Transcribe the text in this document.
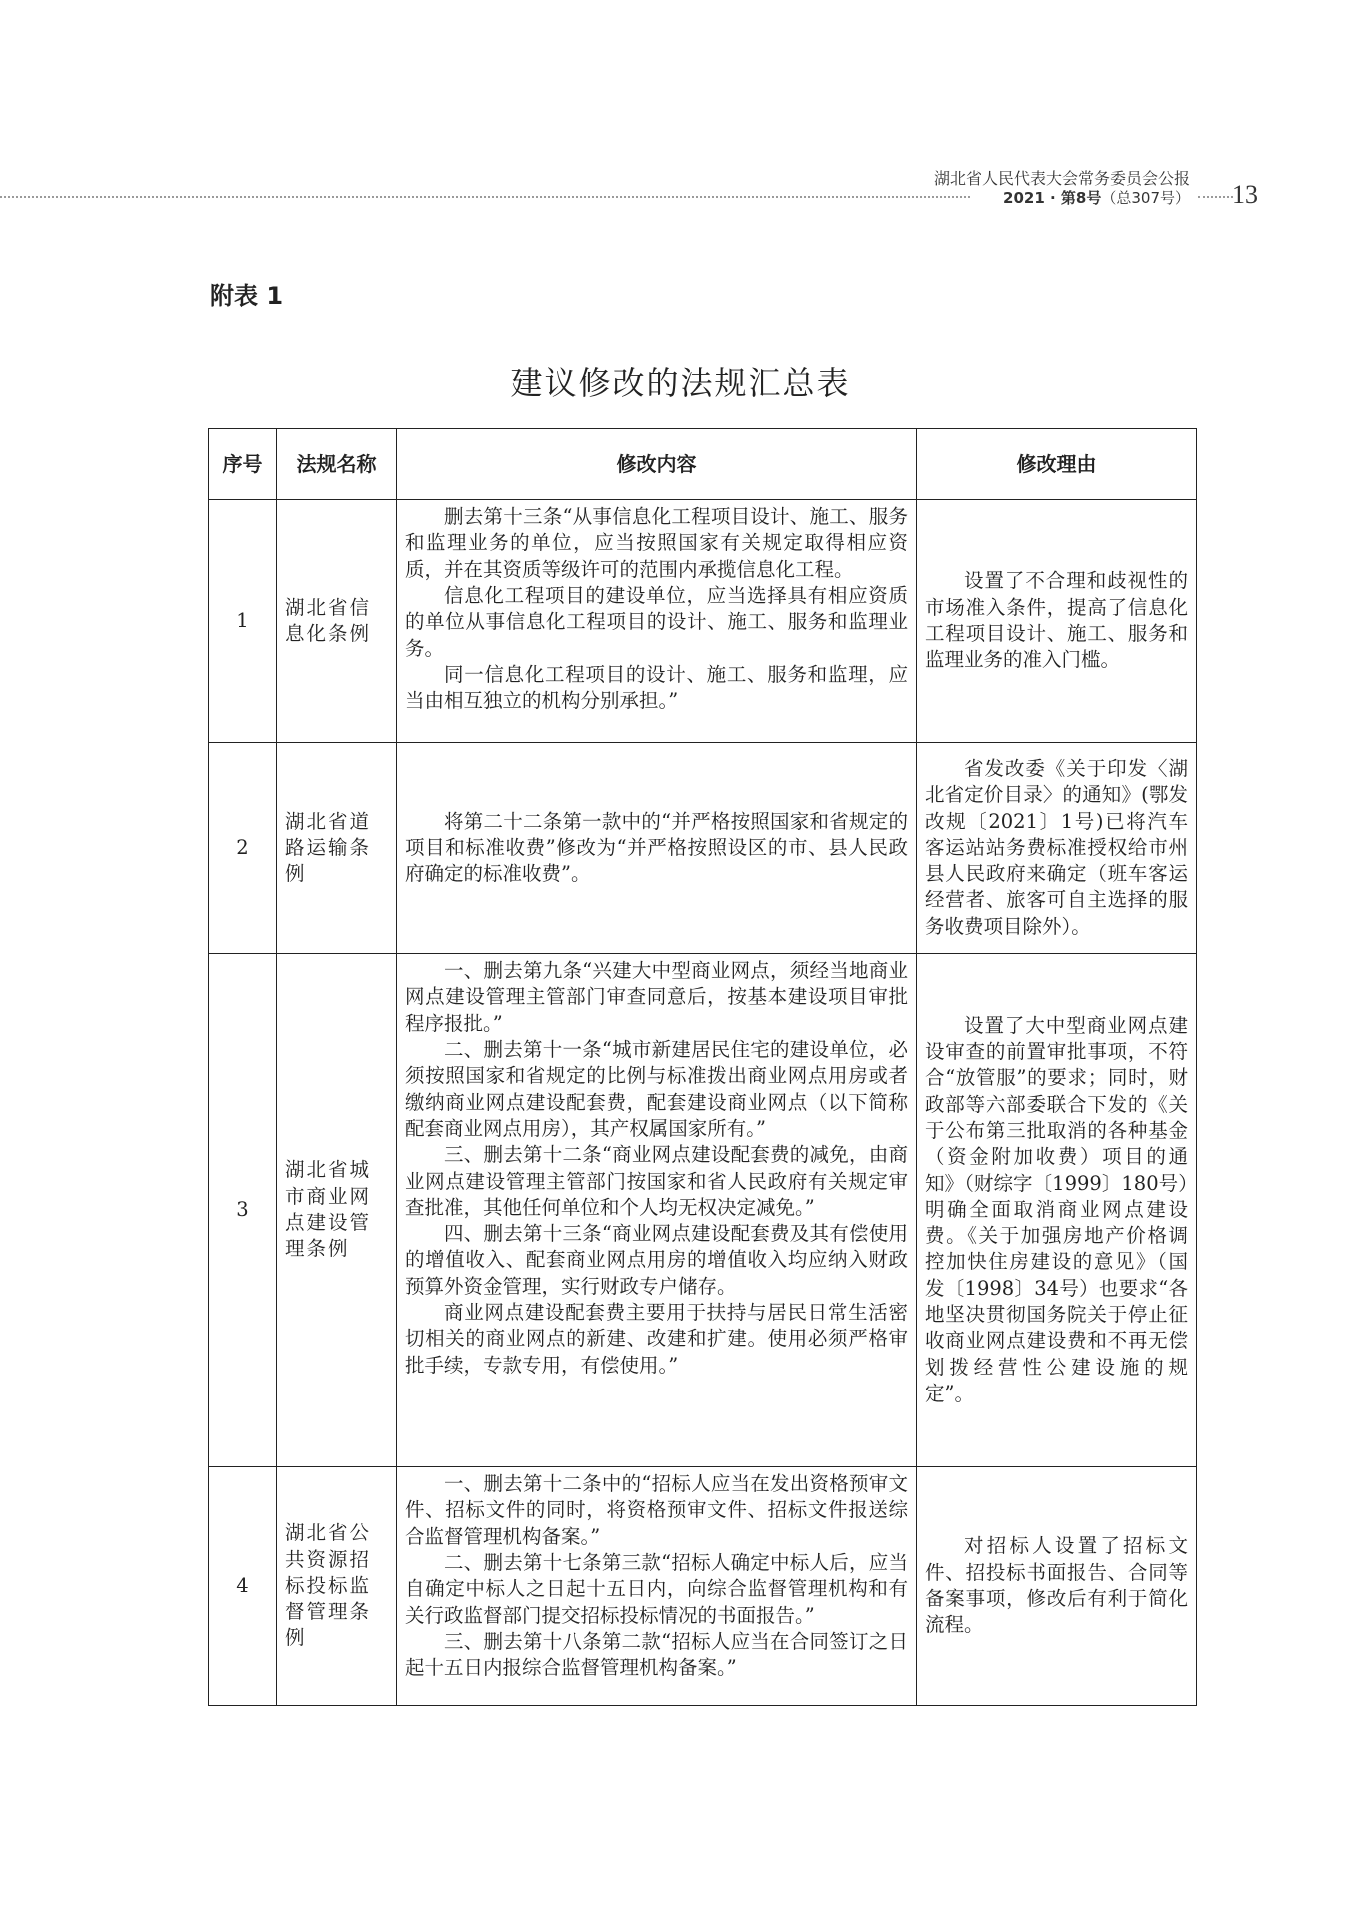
湖北省人民代表大会常务委员会公报
2021 · 第8号（总307号） 13
附表 1
建议修改的法规汇总表
序号	法规名称	修改内容	修改理由
1	湖北省信息化条例	删去第十三条“从事信息化工程项目设计、施工、服务和监理业务的单位，应当按照国家有关规定取得相应资质，并在其资质等级许可的范围内承揽信息化工程。

信息化工程项目的建设单位，应当选择具有相应资质的单位从事信息化工程项目的设计、施工、服务和监理业务。

同一信息化工程项目的设计、施工、服务和监理，应当由相互独立的机构分别承担。”	设置了不合理和歧视性的市场准入条件，提高了信息化工程项目设计、施工、服务和监理业务的准入门槛。

2	湖北省道路运输条例	将第二十二条第一款中的“并严格按照国家和省规定的项目和标准收费”修改为“并严格按照设区的市、县人民政府确定的标准收费”。	省发改委《关于印发〈湖北省定价目录〉的通知》(鄂发改规〔2021〕1号)已将汽车客运站站务费标准授权给市州县人民政府来确定（班车客运经营者、旅客可自主选择的服务收费项目除外）。

3	湖北省城市商业网点建设管理条例	一、删去第九条“兴建大中型商业网点，须经当地商业网点建设管理主管部门审查同意后，按基本建设项目审批程序报批。”

二、删去第十一条“城市新建居民住宅的建设单位，必须按照国家和省规定的比例与标准拨出商业网点用房或者缴纳商业网点建设配套费，配套建设商业网点（以下简称配套商业网点用房），其产权属国家所有。”

三、删去第十二条“商业网点建设配套费的减免，由商业网点建设管理主管部门按国家和省人民政府有关规定审查批准，其他任何单位和个人均无权决定减免。”

四、删去第十三条“商业网点建设配套费及其有偿使用的增值收入、配套商业网点用房的增值收入均应纳入财政预算外资金管理，实行财政专户储存。

商业网点建设配套费主要用于扶持与居民日常生活密切相关的商业网点的新建、改建和扩建。使用必须严格审批手续，专款专用，有偿使用。”	设置了大中型商业网点建设审查的前置审批事项，不符合“放管服”的要求；同时，财政部等六部委联合下发的《关于公布第三批取消的各种基金（资金附加收费）项目的通知》（财综字〔1999〕180号）明确全面取消商业网点建设费。《关于加强房地产价格调控加快住房建设的意见》（国发〔1998〕34号）也要求“各地坚决贯彻国务院关于停止征收商业网点建设费和不再无偿划拨经营性公建设施的规定”。

4	湖北省公共资源招标投标监督管理条例	一、删去第十二条中的“招标人应当在发出资格预审文件、招标文件的同时，将资格预审文件、招标文件报送综合监督管理机构备案。”

二、删去第十七条第三款“招标人确定中标人后，应当自确定中标人之日起十五日内，向综合监督管理机构和有关行政监督部门提交招标投标情况的书面报告。”

三、删去第十八条第二款“招标人应当在合同签订之日起十五日内报综合监督管理机构备案。”	对招标人设置了招标文件、招投标书面报告、合同等备案事项，修改后有利于简化流程。
